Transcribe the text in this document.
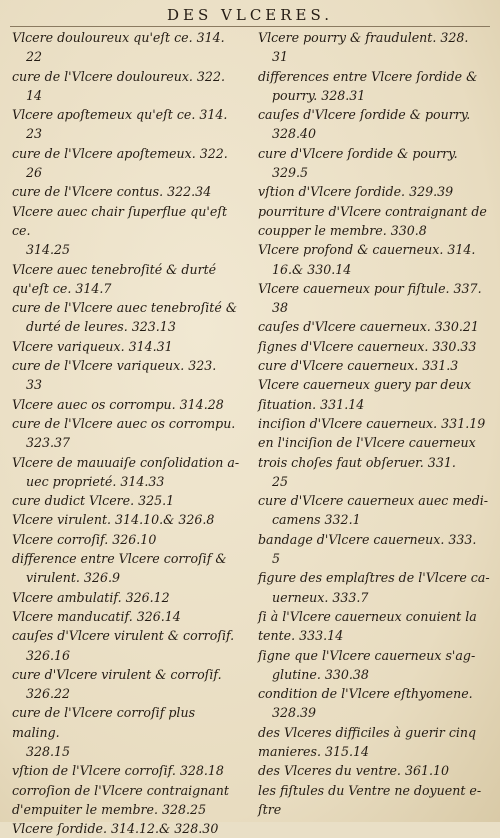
DES VLCERES.
Vlcere douloureux qu'eſt ce. 314.
22
cure de l'Vlcere douloureux. 322.
14
Vlcere apoſtemeux qu'eſt ce. 314.
23
cure de l'Vlcere apoſtemeux. 322.
26
cure de l'Vlcere contus. 322.34
Vlcere auec chair ſuperflue qu'eſt ce.
314.25
Vlcere auec tenebroſité & durté
qu'eſt ce. 314.7
cure de l'Vlcere auec tenebroſité &
durté de leures. 323.13
Vlcere variqueux. 314.31
cure de l'Vlcere variqueux. 323.
33
Vlcere auec os corrompu. 314.28
cure de l'Vlcere auec os corrompu.
323.37
Vlcere de mauuaiſe conſolidation a-
uec proprieté. 314.33
cure dudict Vlcere. 325.1
Vlcere virulent. 314.10.& 326.8
Vlcere corroſif. 326.10
difference entre Vlcere corroſif &
virulent. 326.9
Vlcere ambulatif. 326.12
Vlcere manducatif. 326.14
cauſes d'Vlcere virulent & corroſif.
326.16
cure d'Vlcere virulent & corroſif.
326.22
cure de l'Vlcere corroſif plus maling.
328.15
vſtion de l'Vlcere corroſif. 328.18
corroſion de l'Vlcere contraignant
d'empuiter le membre. 328.25
Vlcere ſordide. 314.12.& 328.30
Vlcere pourry & fraudulent. 328.
31
differences entre Vlcere ſordide &
pourry. 328.31
cauſes d'Vlcere ſordide & pourry.
328.40
cure d'Vlcere ſordide & pourry.
329.5
vſtion d'Vlcere ſordide. 329.39
pourriture d'Vlcere contraignant de
coupper le membre. 330.8
Vlcere profond & cauerneux. 314.
16.& 330.14
Vlcere cauerneux pour fiſtule. 337.
38
cauſes d'Vlcere cauerneux. 330.21
ſignes d'Vlcere cauerneux. 330.33
cure d'Vlcere cauerneux. 331.3
Vlcere cauerneux guery par deux
ſituation. 331.14
inciſion d'Vlcere cauerneux. 331.19
en l'inciſion de l'Vlcere cauerneux
trois choſes faut obſeruer. 331.
25
cure d'Vlcere cauerneux auec medi-
camens 332.1
bandage d'Vlcere cauerneux. 333.
5
figure des emplaſtres de l'Vlcere ca-
uerneux. 333.7
ſi à l'Vlcere cauerneux conuient la
tente. 333.14
ſigne que l'Vlcere cauerneux s'ag-
glutine. 330.38
condition de l'Vlcere eſthyomene.
328.39
des Vlceres difficiles à guerir cinq
manieres. 315.14
des Vlceres du ventre. 361.10
les fiſtules du Ventre ne doyuent e-
ſtre
